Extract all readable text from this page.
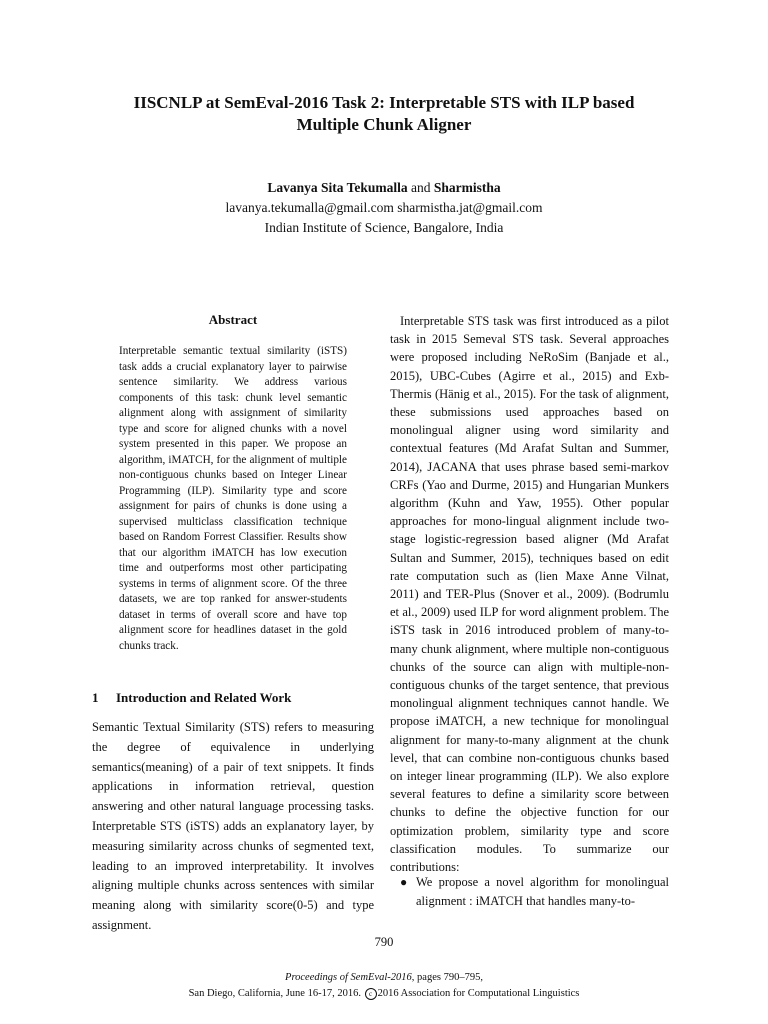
IISCNLP at SemEval-2016 Task 2: Interpretable STS with ILP based
Multiple Chunk Aligner
Lavanya Sita Tekumalla and Sharmistha
lavanya.tekumalla@gmail.com sharmistha.jat@gmail.com
Indian Institute of Science, Bangalore, India
Abstract
Interpretable semantic textual similarity (iSTS) task adds a crucial explanatory layer to pairwise sentence similarity. We address various components of this task: chunk level semantic alignment along with assignment of similarity type and score for aligned chunks with a novel system presented in this paper. We propose an algorithm, iMATCH, for the alignment of multiple non-contiguous chunks based on Integer Linear Programming (ILP). Similarity type and score assignment for pairs of chunks is done using a supervised multiclass classification technique based on Random Forrest Classifier. Results show that our algorithm iMATCH has low execution time and outperforms most other participating systems in terms of alignment score. Of the three datasets, we are top ranked for answer-students dataset in terms of overall score and have top alignment score for headlines dataset in the gold chunks track.
1 Introduction and Related Work
Semantic Textual Similarity (STS) refers to measuring the degree of equivalence in underlying semantics(meaning) of a pair of text snippets. It finds applications in information retrieval, question answering and other natural language processing tasks. Interpretable STS (iSTS) adds an explanatory layer, by measuring similarity across chunks of segmented text, leading to an improved interpretability. It involves aligning multiple chunks across sentences with similar meaning along with similarity score(0-5) and type assignment.
Interpretable STS task was first introduced as a pilot task in 2015 Semeval STS task. Several approaches were proposed including NeRoSim (Banjade et al., 2015), UBC-Cubes (Agirre et al., 2015) and Exb-Thermis (Hänig et al., 2015). For the task of alignment, these submissions used approaches based on monolingual aligner using word similarity and contextual features (Md Arafat Sultan and Summer, 2014), JACANA that uses phrase based semi-markov CRFs (Yao and Durme, 2015) and Hungarian Munkers algorithm (Kuhn and Yaw, 1955). Other popular approaches for mono-lingual alignment include two-stage logistic-regression based aligner (Md Arafat Sultan and Summer, 2015), techniques based on edit rate computation such as (lien Maxe Anne Vilnat, 2011) and TER-Plus (Snover et al., 2009). (Bodrumlu et al., 2009) used ILP for word alignment problem. The iSTS task in 2016 introduced problem of many-to-many chunk alignment, where multiple non-contiguous chunks of the source can align with multiple-non-contiguous chunks of the target sentence, that previous monolingual alignment techniques cannot handle. We propose iMATCH, a new technique for monolingual alignment for many-to-many alignment at the chunk level, that can combine non-contiguous chunks based on integer linear programming (ILP). We also explore several features to define a similarity score between chunks to define the objective function for our optimization problem, similarity type and score classification modules. To summarize our contributions:
● We propose a novel algorithm for monolingual alignment : iMATCH that handles many-to-
790
Proceedings of SemEval-2016, pages 790–795,
San Diego, California, June 16-17, 2016. c 2016 Association for Computational Linguistics
